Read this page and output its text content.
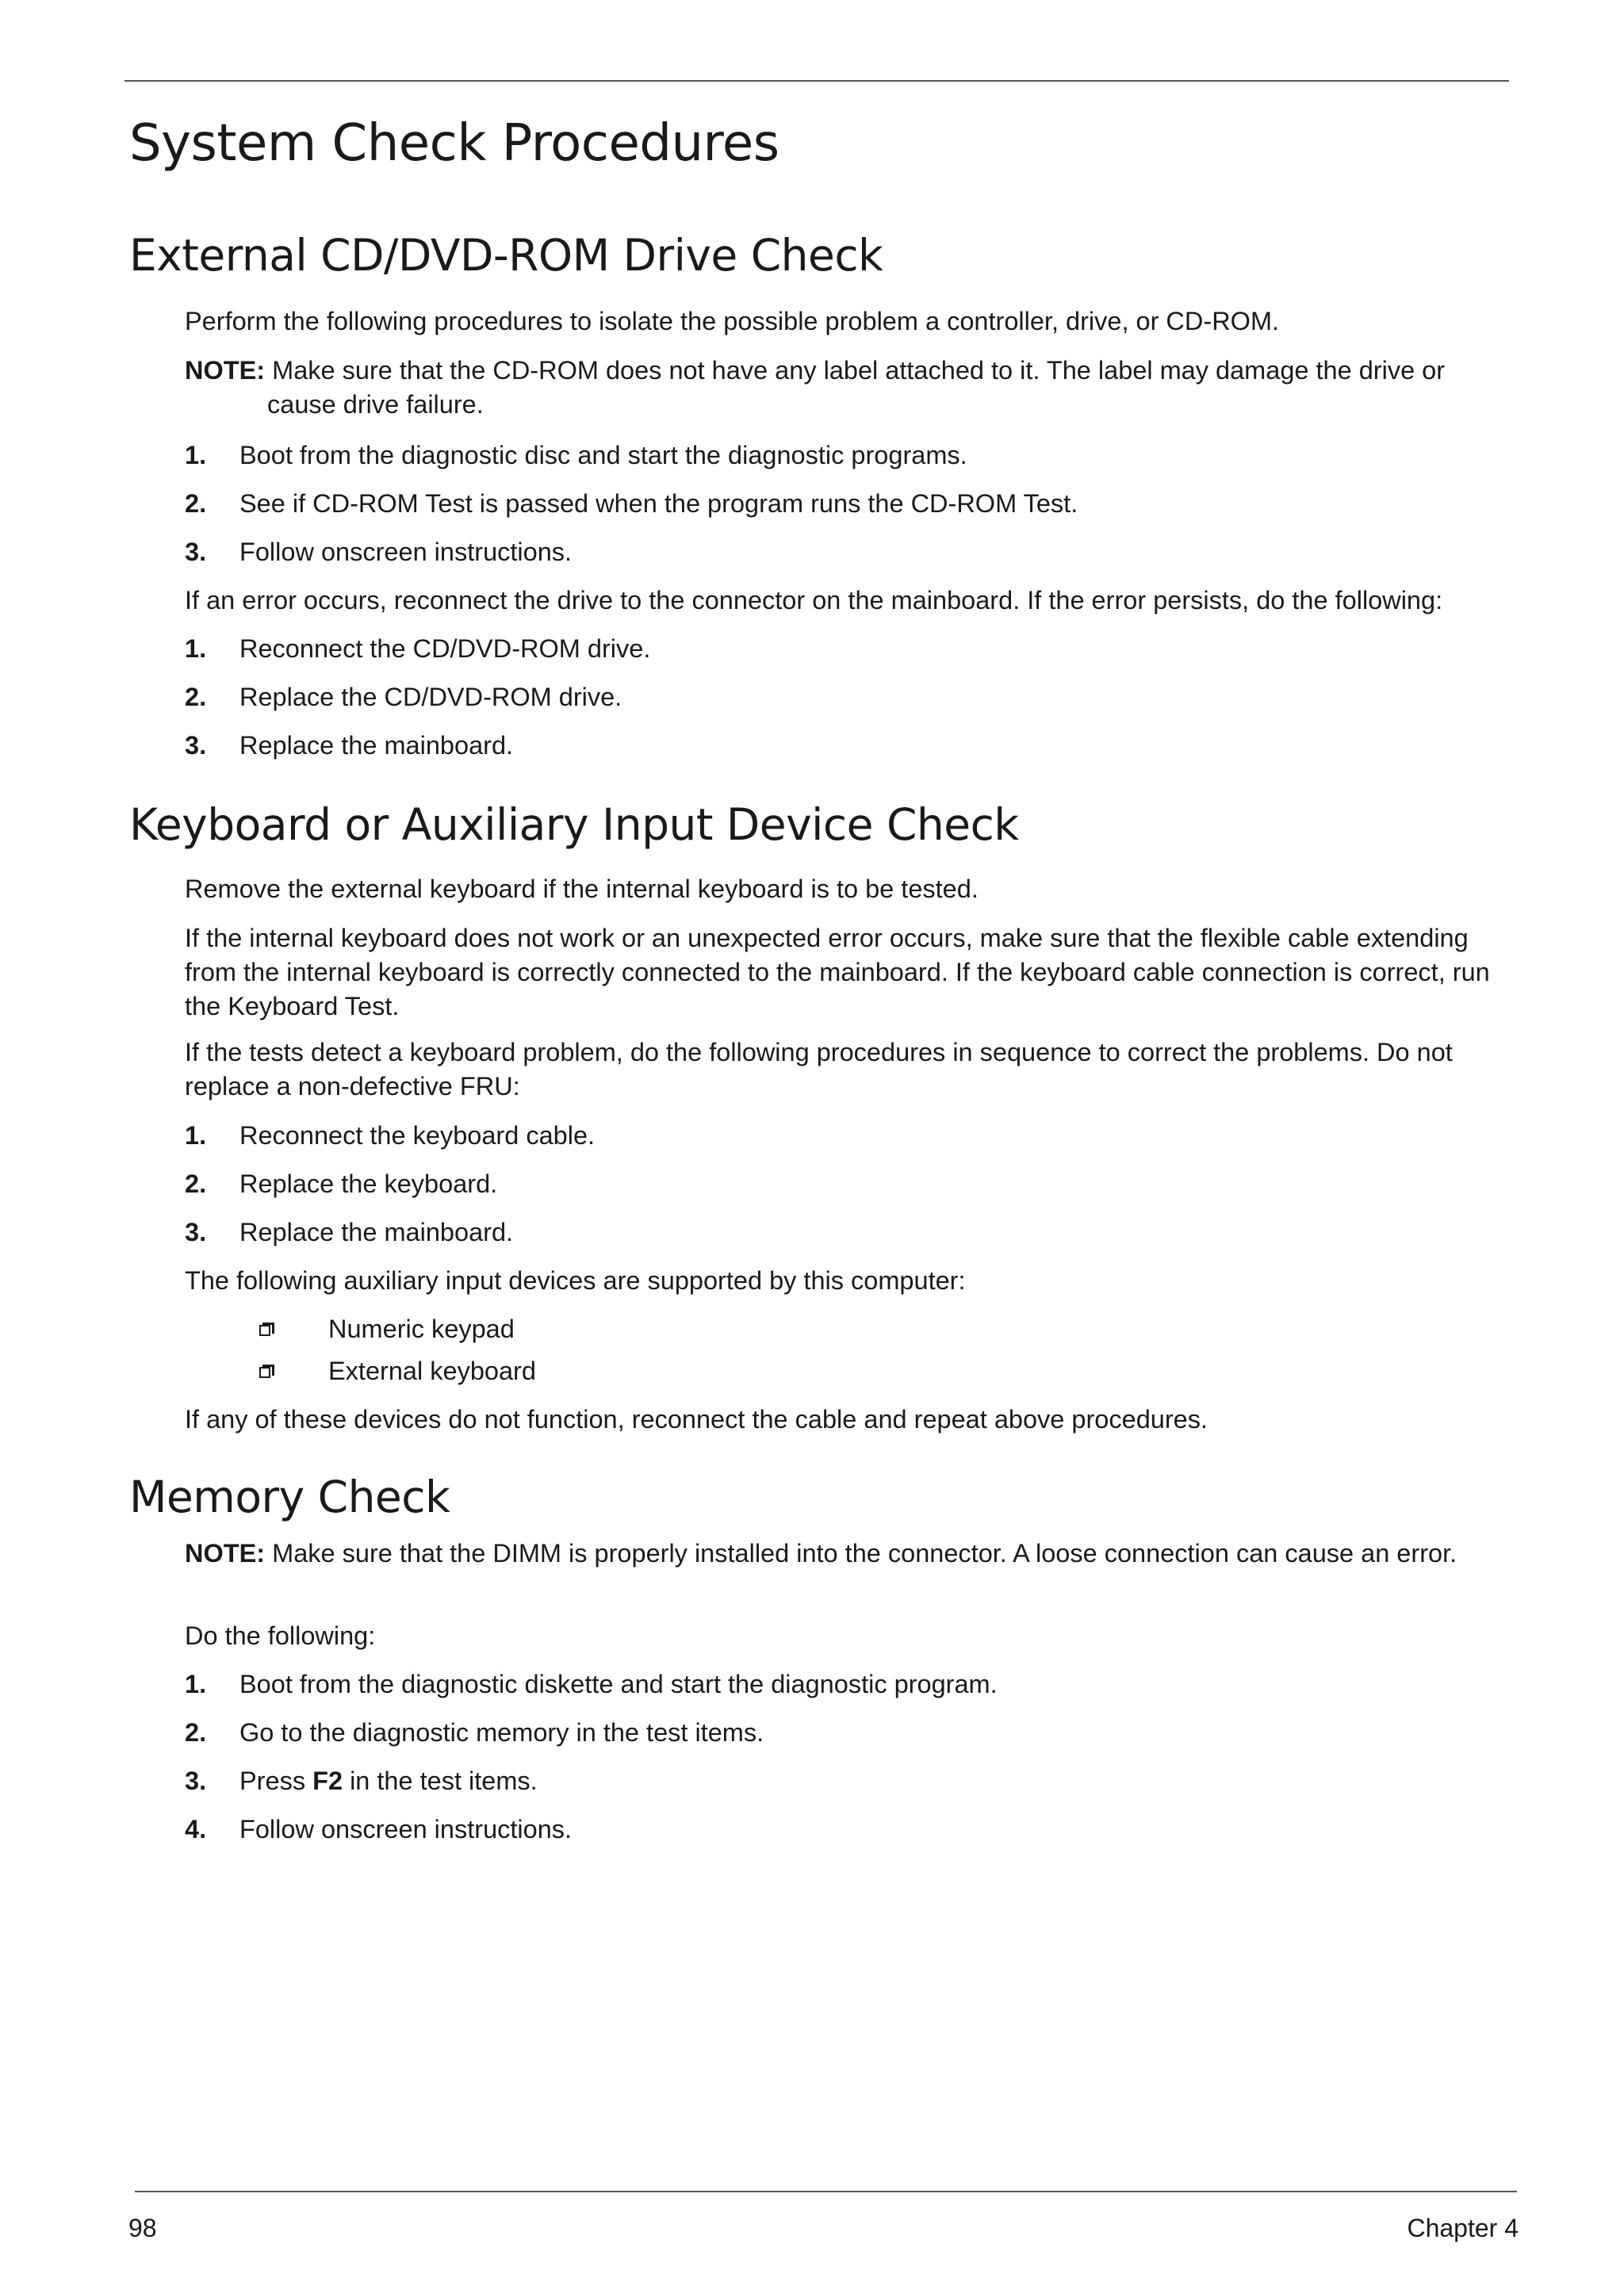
System Check Procedures
External CD/DVD-ROM Drive Check

Perform the following procedures to isolate the possible problem a controller, drive, or CD-ROM.

NOTE: Make sure that the CD-ROM does not have any label attached to it. The label may damage the drive or cause drive failure.

1. Boot from the diagnostic disc and start the diagnostic programs.
2. See if CD-ROM Test is passed when the program runs the CD-ROM Test.
3. Follow onscreen instructions.

If an error occurs, reconnect the drive to the connector on the mainboard. If the error persists, do the following:

1. Reconnect the CD/DVD-ROM drive.
2. Replace the CD/DVD-ROM drive.
3. Replace the mainboard.
Keyboard or Auxiliary Input Device Check

Remove the external keyboard if the internal keyboard is to be tested.

If the internal keyboard does not work or an unexpected error occurs, make sure that the flexible cable extending from the internal keyboard is correctly connected to the mainboard. If the keyboard cable connection is correct, run the Keyboard Test.

If the tests detect a keyboard problem, do the following procedures in sequence to correct the problems. Do not replace a non-defective FRU:

1. Reconnect the keyboard cable.
2. Replace the keyboard.
3. Replace the mainboard.

The following auxiliary input devices are supported by this computer:

Numeric keypad
External keyboard

If any of these devices do not function, reconnect the cable and repeat above procedures.

Memory Check

NOTE: Make sure that the DIMM is properly installed into the connector. A loose connection can cause an error.

Do the following:

1. Boot from the diagnostic diskette and start the diagnostic program.
2. Go to the diagnostic memory in the test items.
3. Press F2 in the test items.
4. Follow onscreen instructions.
98	Chapter 4
